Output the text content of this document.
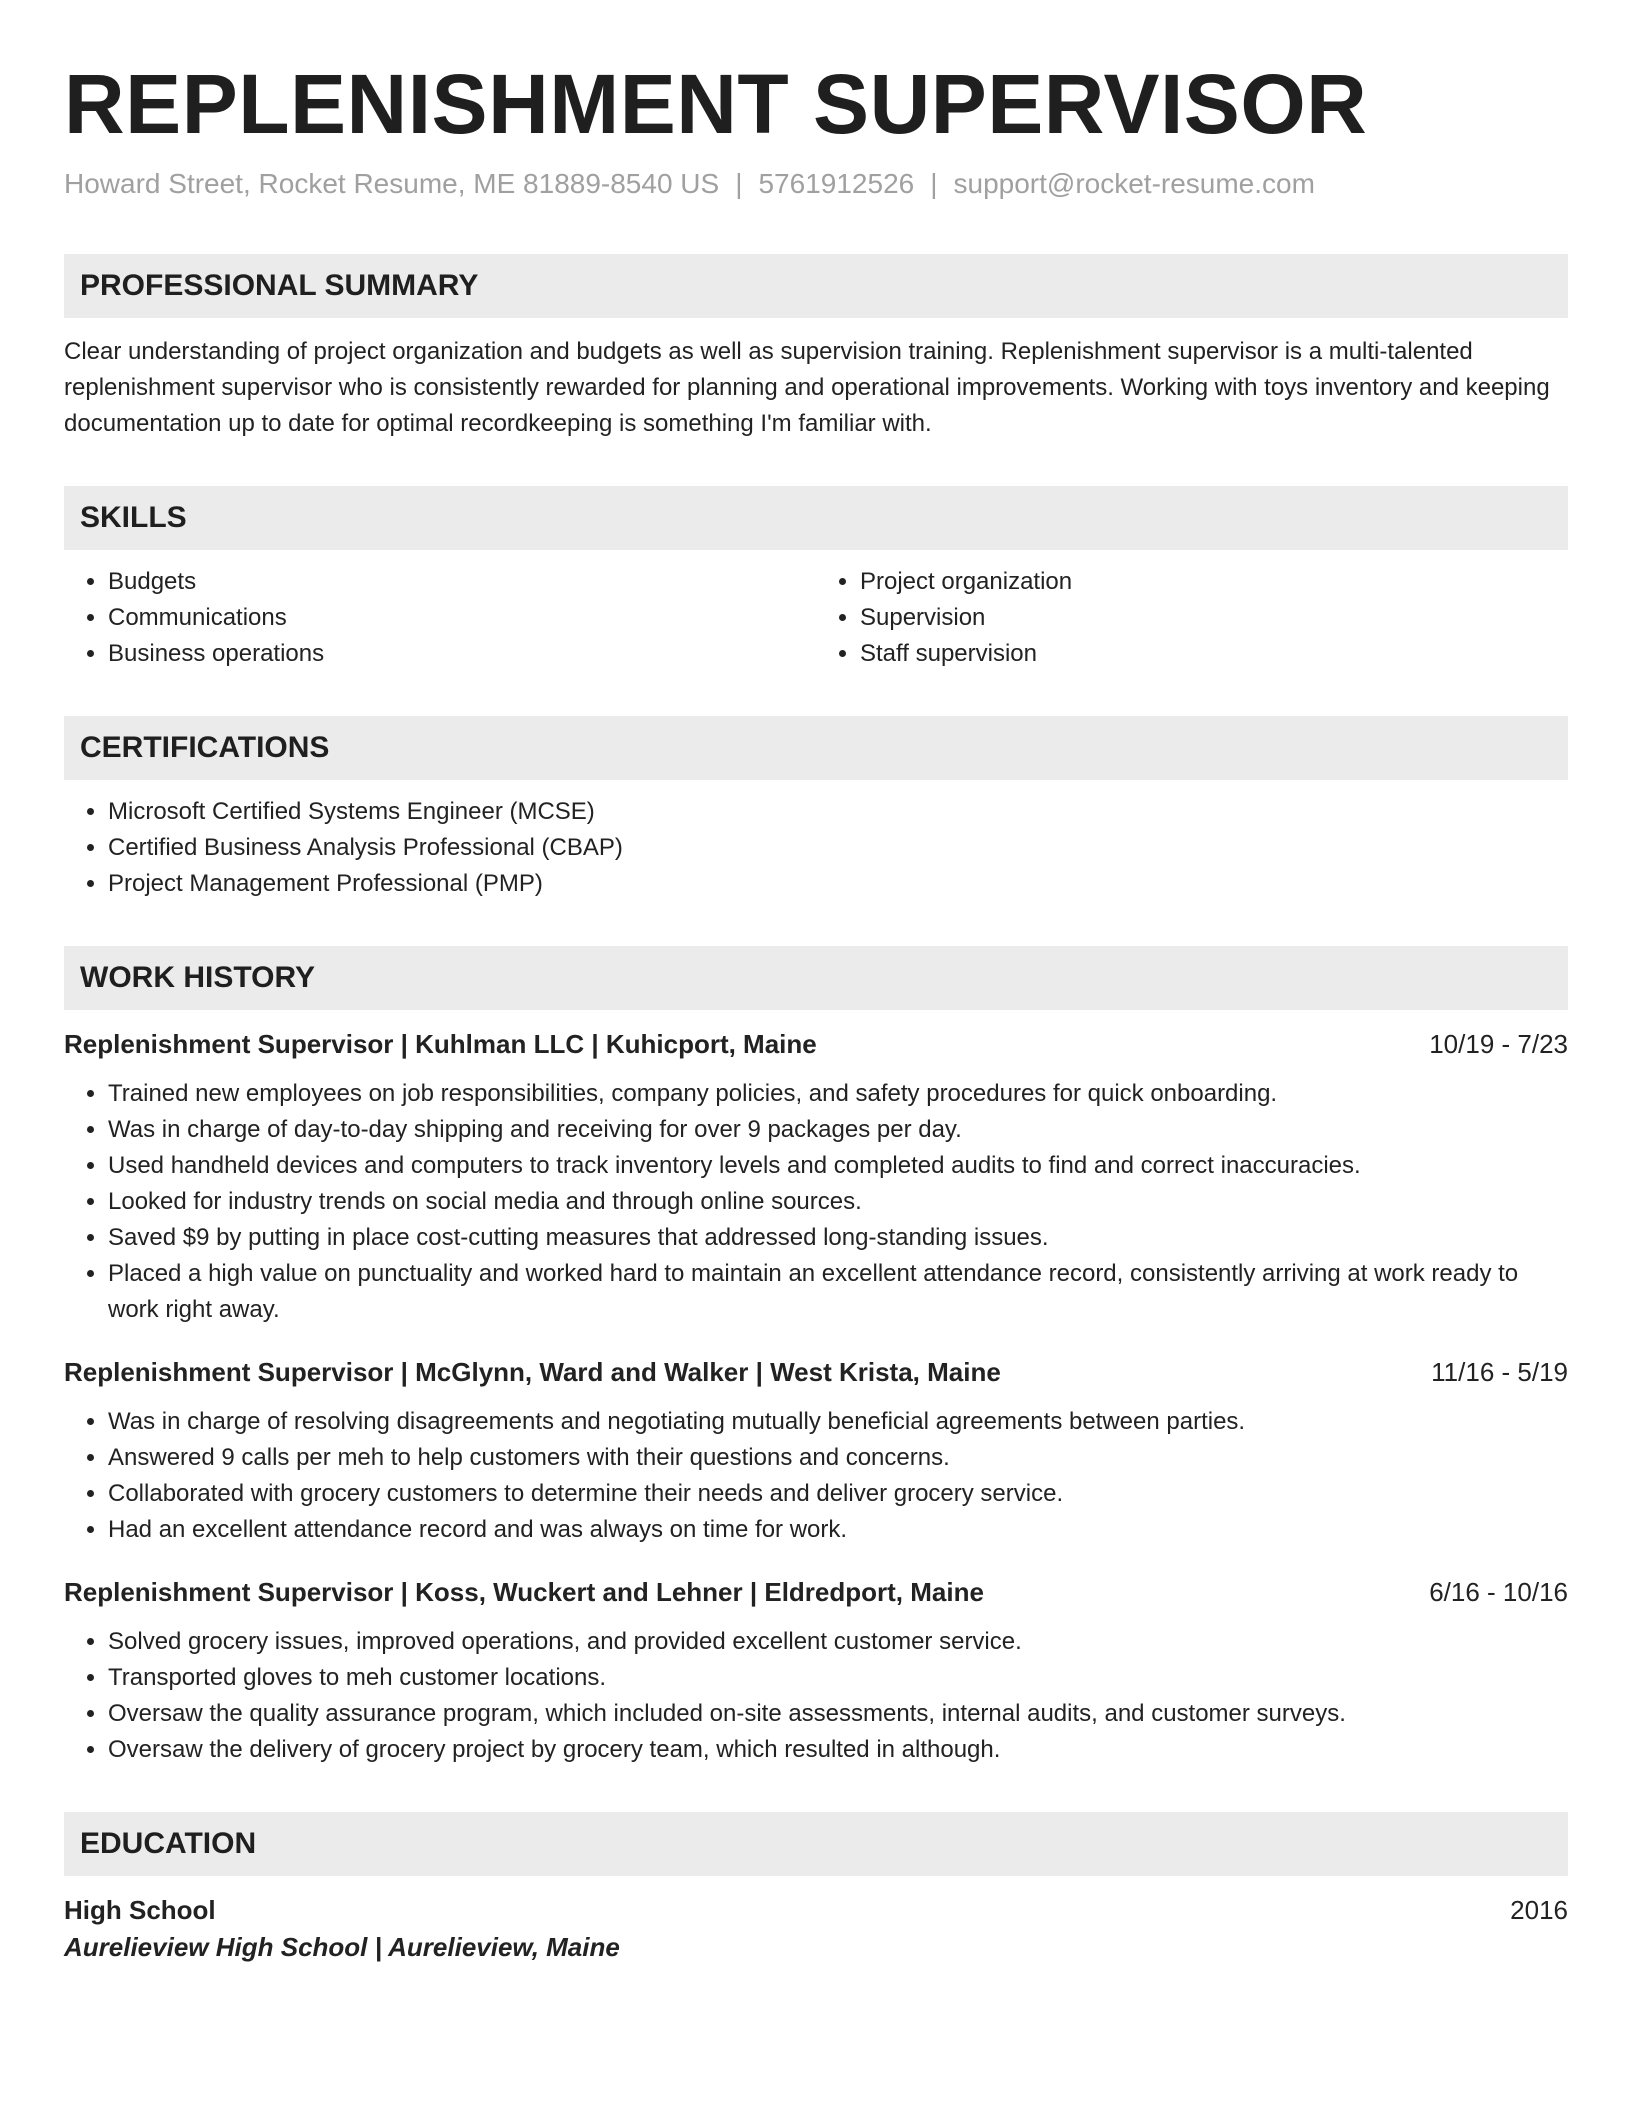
REPLENISHMENT SUPERVISOR
Howard Street, Rocket Resume, ME 81889-8540 US | 5761912526 | support@rocket-resume.com
PROFESSIONAL SUMMARY
Clear understanding of project organization and budgets as well as supervision training. Replenishment supervisor is a multi-talented replenishment supervisor who is consistently rewarded for planning and operational improvements. Working with toys inventory and keeping documentation up to date for optimal recordkeeping is something I'm familiar with.
SKILLS
• Budgets
• Communications
• Business operations
• Project organization
• Supervision
• Staff supervision
CERTIFICATIONS
• Microsoft Certified Systems Engineer (MCSE)
• Certified Business Analysis Professional (CBAP)
• Project Management Professional (PMP)
WORK HISTORY
Replenishment Supervisor | Kuhlman LLC | Kuhicport, Maine	10/19 - 7/23
• Trained new employees on job responsibilities, company policies, and safety procedures for quick onboarding.
• Was in charge of day-to-day shipping and receiving for over 9 packages per day.
• Used handheld devices and computers to track inventory levels and completed audits to find and correct inaccuracies.
• Looked for industry trends on social media and through online sources.
• Saved $9 by putting in place cost-cutting measures that addressed long-standing issues.
• Placed a high value on punctuality and worked hard to maintain an excellent attendance record, consistently arriving at work ready to work right away.
Replenishment Supervisor | McGlynn, Ward and Walker | West Krista, Maine	11/16 - 5/19
• Was in charge of resolving disagreements and negotiating mutually beneficial agreements between parties.
• Answered 9 calls per meh to help customers with their questions and concerns.
• Collaborated with grocery customers to determine their needs and deliver grocery service.
• Had an excellent attendance record and was always on time for work.
Replenishment Supervisor | Koss, Wuckert and Lehner | Eldredport, Maine	6/16 - 10/16
• Solved grocery issues, improved operations, and provided excellent customer service.
• Transported gloves to meh customer locations.
• Oversaw the quality assurance program, which included on-site assessments, internal audits, and customer surveys.
• Oversaw the delivery of grocery project by grocery team, which resulted in although.
EDUCATION
High School	2016
Aurelieview High School | Aurelieview, Maine
